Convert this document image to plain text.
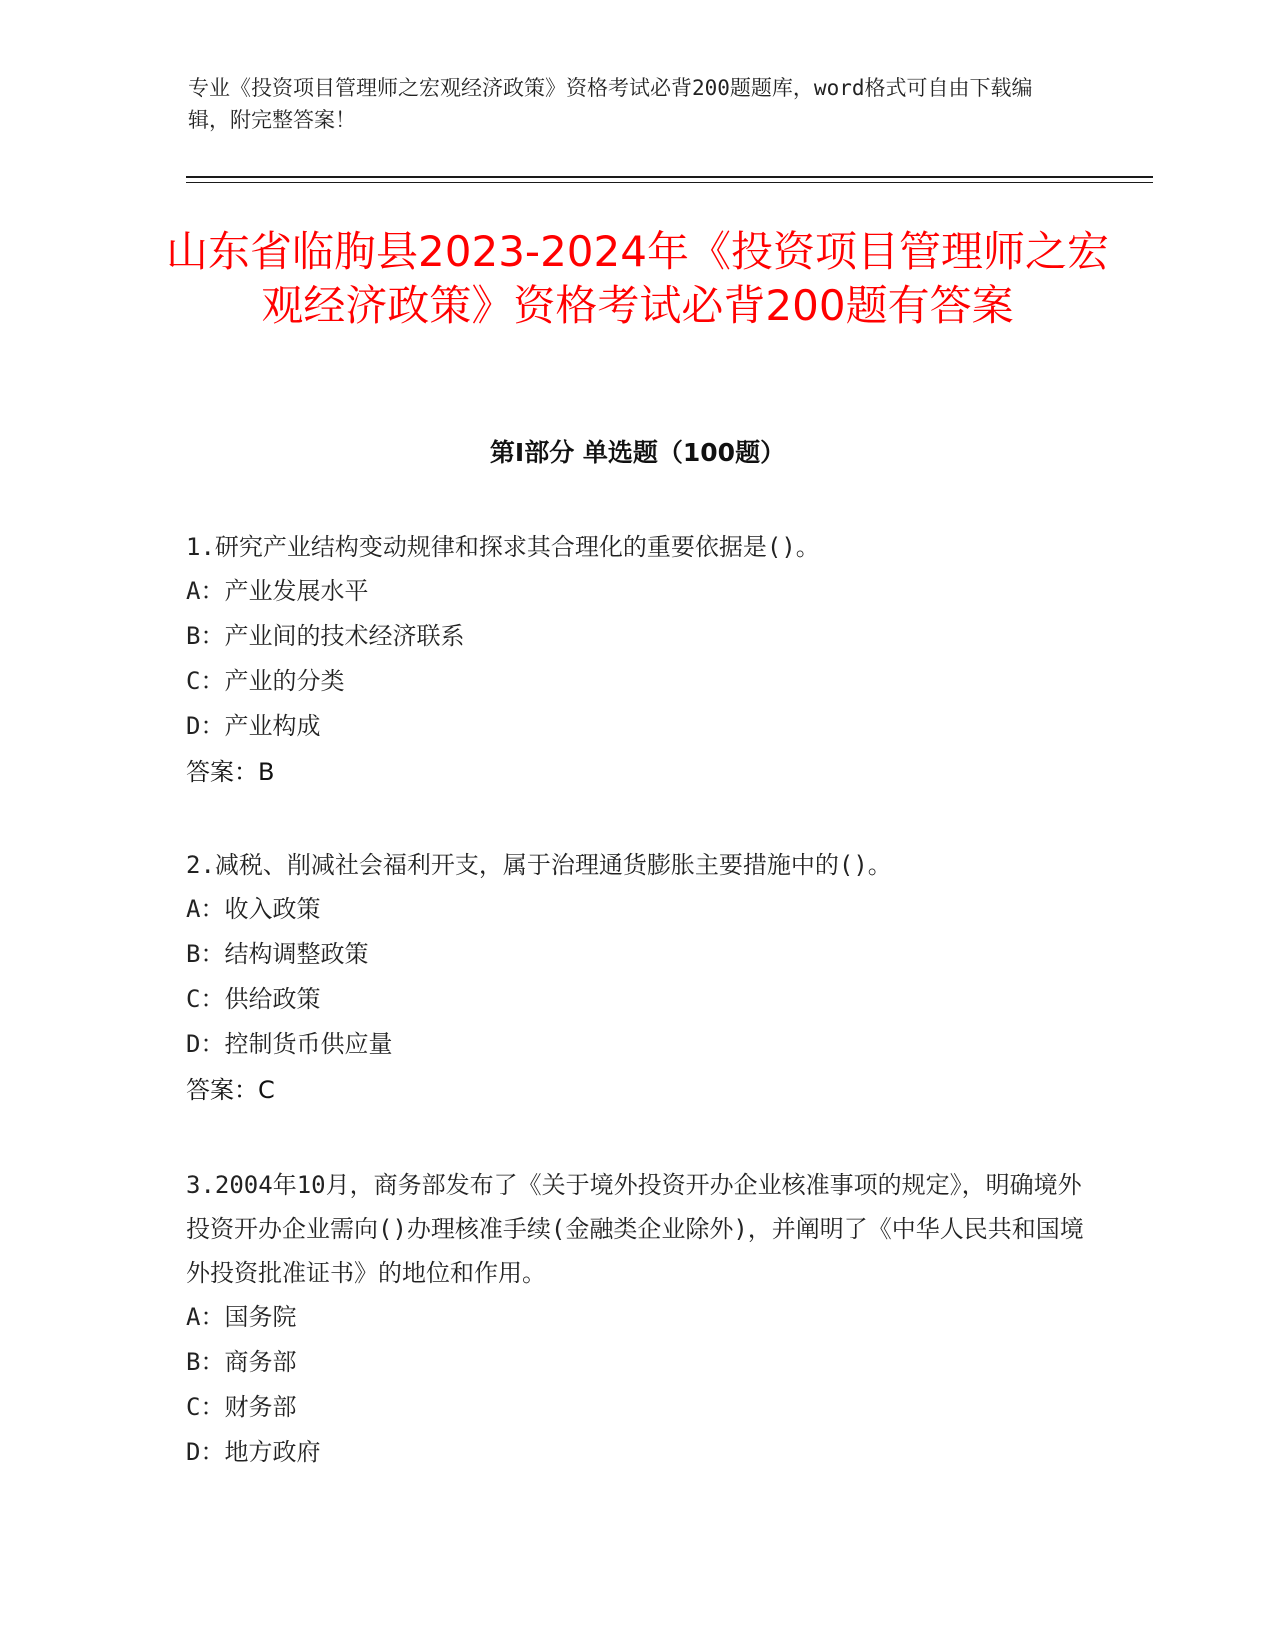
专业《投资项目管理师之宏观经济政策》资格考试必背200题题库，word格式可自由下载编辑，附完整答案！
山东省临朐县2023-2024年《投资项目管理师之宏观经济政策》资格考试必背200题有答案
第I部分 单选题（100题）
1.研究产业结构变动规律和探求其合理化的重要依据是()。
A：产业发展水平
B：产业间的技术经济联系
C：产业的分类
D：产业构成
答案：B
2.减税、削减社会福利开支，属于治理通货膨胀主要措施中的()。
A：收入政策
B：结构调整政策
C：供给政策
D：控制货币供应量
答案：C
3.2004年10月，商务部发布了《关于境外投资开办企业核准事项的规定》，明确境外投资开办企业需向()办理核准手续(金融类企业除外)，并阐明了《中华人民共和国境外投资批准证书》的地位和作用。
A：国务院
B：商务部
C：财务部
D：地方政府
